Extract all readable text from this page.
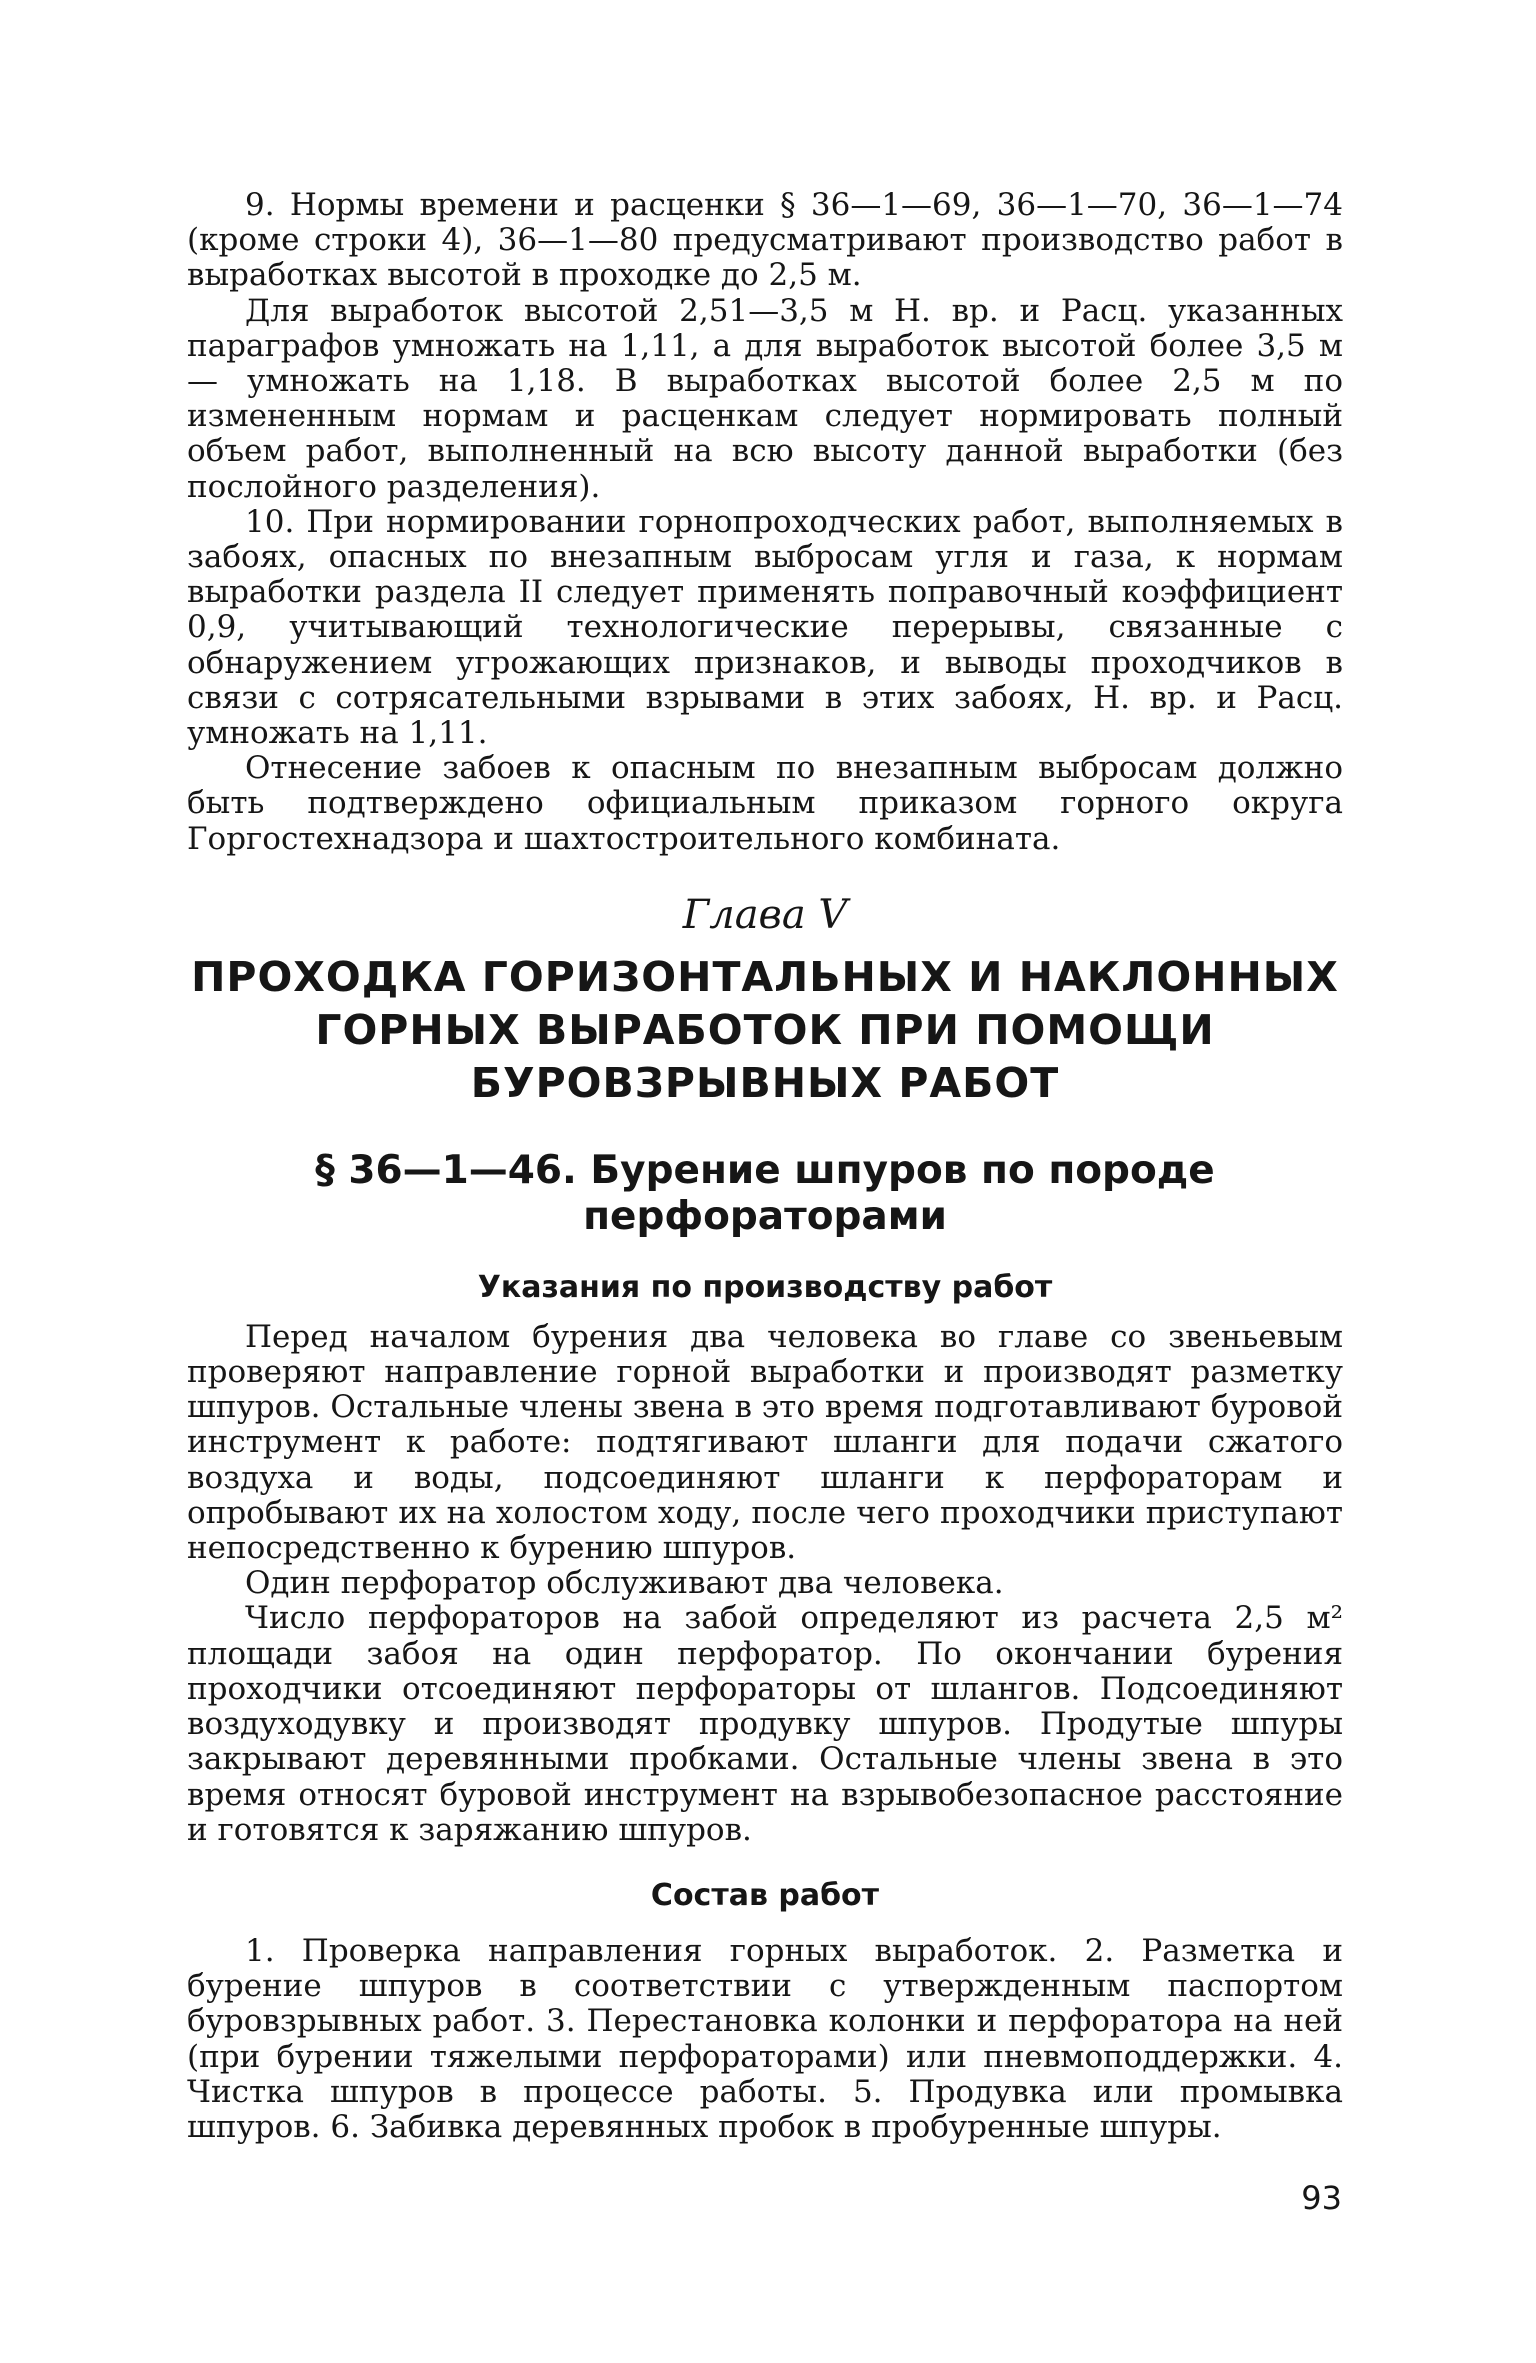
9. Нормы времени и расценки § 36—1—69, 36—1—70, 36—1—74 (кроме строки 4), 36—1—80 предусматривают производство работ в выработках высотой в проходке до 2,5 м.

Для выработок высотой 2,51—3,5 м Н. вр. и Расц. указанных параграфов умножать на 1,11, а для выработок высотой более 3,5 м — умножать на 1,18. В выработках высотой более 2,5 м по измененным нормам и расценкам следует нормировать полный объем работ, выполненный на всю высоту данной выработки (без послойного разделения).

10. При нормировании горнопроходческих работ, выполняемых в забоях, опасных по внезапным выбросам угля и газа, к нормам выработки раздела II следует применять поправочный коэффициент 0,9, учитывающий технологические перерывы, связанные с обнаружением угрожающих признаков, и выводы проходчиков в связи с сотрясательными взрывами в этих забоях, Н. вр. и Расц. умножать на 1,11.

Отнесение забоев к опасным по внезапным выбросам должно быть подтверждено официальным приказом горного округа Горгостехнадзора и шахтостроительного комбината.

Глава V
ПРОХОДКА ГОРИЗОНТАЛЬНЫХ И НАКЛОННЫХ ГОРНЫХ ВЫРАБОТОК ПРИ ПОМОЩИ БУРОВЗРЫВНЫХ РАБОТ
§ 36—1—46. Бурение шпуров по породе перфораторами
Указания по производству работ

Перед началом бурения два человека во главе со звеньевым проверяют направление горной выработки и производят разметку шпуров. Остальные члены звена в это время подготавливают буровой инструмент к работе: подтягивают шланги для подачи сжатого воздуха и воды, подсоединяют шланги к перфораторам и опробывают их на холостом ходу, после чего проходчики приступают непосредственно к бурению шпуров.

Один перфоратор обслуживают два человека.

Число перфораторов на забой определяют из расчета 2,5 м² площади забоя на один перфоратор. По окончании бурения проходчики отсоединяют перфораторы от шлангов. Подсоединяют воздуходувку и производят продувку шпуров. Продутые шпуры закрывают деревянными пробками. Остальные члены звена в это время относят буровой инструмент на взрывобезопасное расстояние и готовятся к заряжанию шпуров.

Состав работ

1. Проверка направления горных выработок. 2. Разметка и бурение шпуров в соответствии с утвержденным паспортом буровзрывных работ. 3. Перестановка колонки и перфоратора на ней (при бурении тяжелыми перфораторами) или пневмоподдержки. 4. Чистка шпуров в процессе работы. 5. Продувка или промывка шпуров. 6. Забивка деревянных пробок в пробуренные шпуры.

93
